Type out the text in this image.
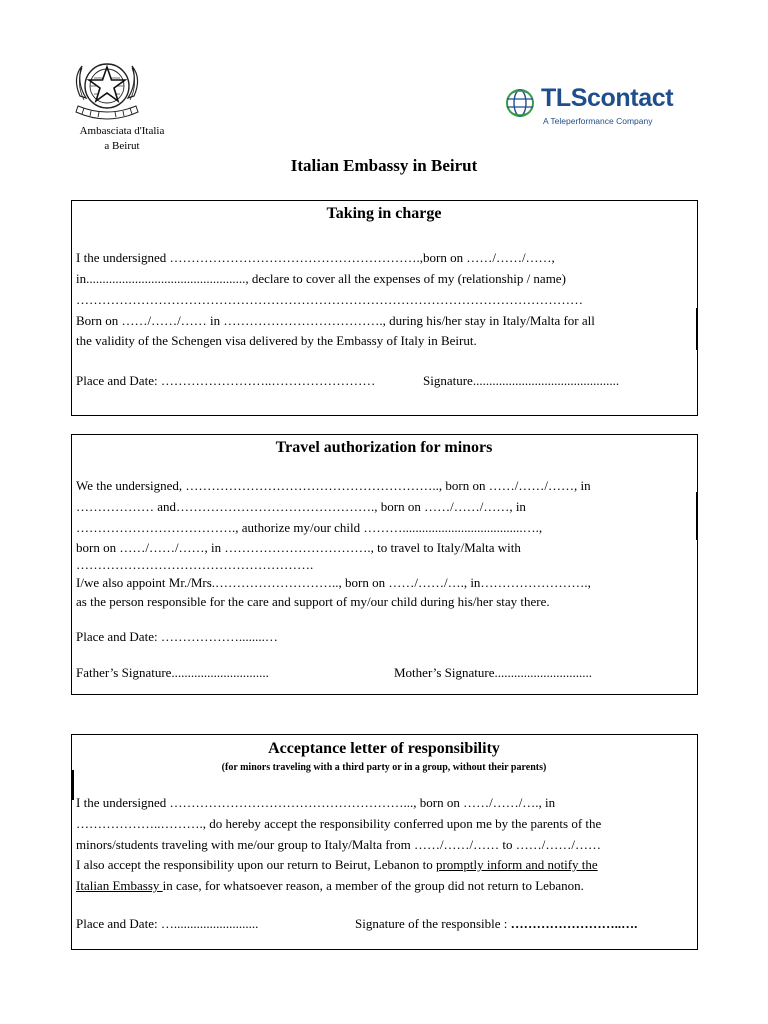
Ambasciata d'Italia
a Beirut
TLScontact
A Teleperformance Company
Italian Embassy in Beirut
Taking in charge
I the undersigned ………………………………………………….,born on ……/……/……,
in................................................., declare to cover all the expenses of my (relationship / name)
………………………………………………………………………………………………………
Born on ……/……/…… in ………………………………., during his/her stay in Italy/Malta for all
the validity of the Schengen visa delivered by the Embassy of Italy in Beirut.
Place and Date: ……………………..……………………	Signature.............................................
Travel authorization for minors
We the undersigned, ………………………………………………….., born on ……/……/……, in
……………… and………………………………………., born on ……/……/……, in
………………………………., authorize my/our child ……….....................................….,
born on ……/……/……, in ……………………………., to travel to Italy/Malta with
……………………………………………….
I/we also appoint Mr./Mrs.……………………….., born on ……/……/…., in…………………….,
as the person responsible for the care and support of my/our child during his/her stay there.
Place and Date: ………………........…
Father’s Signature..............................	Mother’s Signature..............................
Acceptance letter of responsibility
(for minors traveling with a third party or in a group, without their parents)
I the undersigned ………………………………………………..., born on ……/……/…., in
………………..………., do hereby accept the responsibility conferred upon me by the parents of the
minors/students traveling with me/our group to Italy/Malta from ……/……/…… to ……/……/……
I also accept the responsibility upon our return to Beirut, Lebanon to promptly inform and notify the
Italian Embassy in case, for whatsoever reason, a member of the group did not return to Lebanon.
Place and Date: …..........................	Signature of the responsible : ……………………..….
